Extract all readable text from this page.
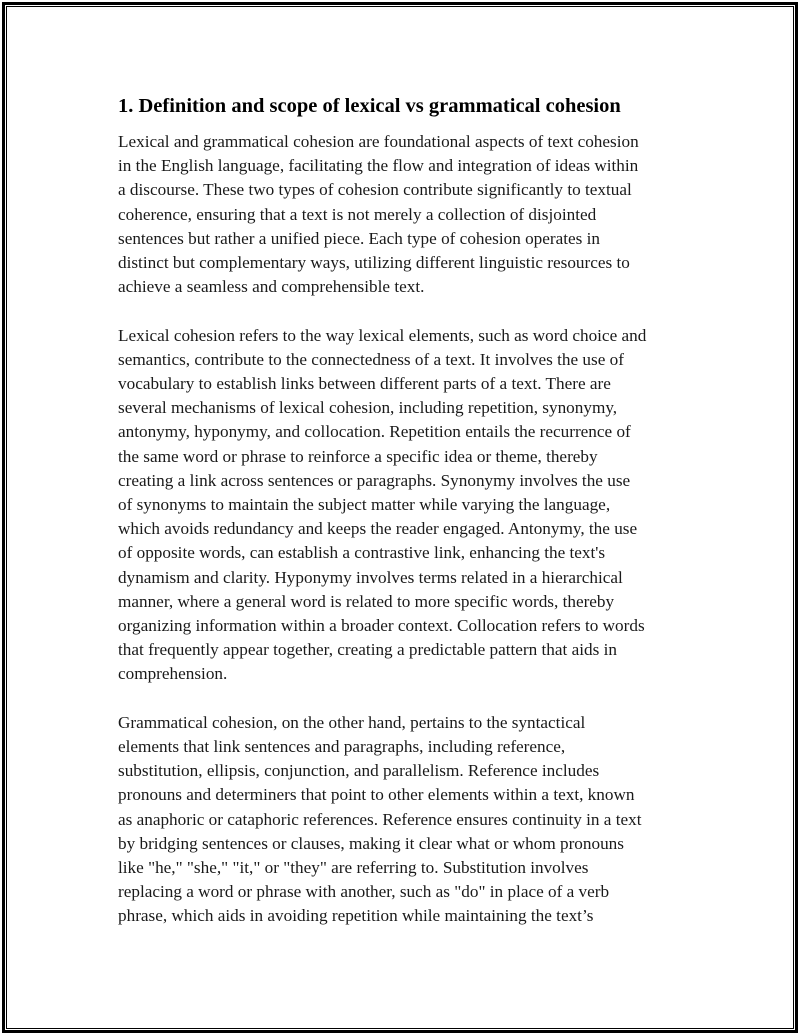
1. Definition and scope of lexical vs grammatical cohesion

Lexical and grammatical cohesion are foundational aspects of text cohesion
in the English language, facilitating the flow and integration of ideas within
a discourse. These two types of cohesion contribute significantly to textual
coherence, ensuring that a text is not merely a collection of disjointed
sentences but rather a unified piece. Each type of cohesion operates in
distinct but complementary ways, utilizing different linguistic resources to
achieve a seamless and comprehensible text.

Lexical cohesion refers to the way lexical elements, such as word choice and
semantics, contribute to the connectedness of a text. It involves the use of
vocabulary to establish links between different parts of a text. There are
several mechanisms of lexical cohesion, including repetition, synonymy,
antonymy, hyponymy, and collocation. Repetition entails the recurrence of
the same word or phrase to reinforce a specific idea or theme, thereby
creating a link across sentences or paragraphs. Synonymy involves the use
of synonyms to maintain the subject matter while varying the language,
which avoids redundancy and keeps the reader engaged. Antonymy, the use
of opposite words, can establish a contrastive link, enhancing the text's
dynamism and clarity. Hyponymy involves terms related in a hierarchical
manner, where a general word is related to more specific words, thereby
organizing information within a broader context. Collocation refers to words
that frequently appear together, creating a predictable pattern that aids in
comprehension.

Grammatical cohesion, on the other hand, pertains to the syntactical
elements that link sentences and paragraphs, including reference,
substitution, ellipsis, conjunction, and parallelism. Reference includes
pronouns and determiners that point to other elements within a text, known
as anaphoric or cataphoric references. Reference ensures continuity in a text
by bridging sentences or clauses, making it clear what or whom pronouns
like "he," "she," "it," or "they" are referring to. Substitution involves
replacing a word or phrase with another, such as "do" in place of a verb
phrase, which aids in avoiding repetition while maintaining the text’s
